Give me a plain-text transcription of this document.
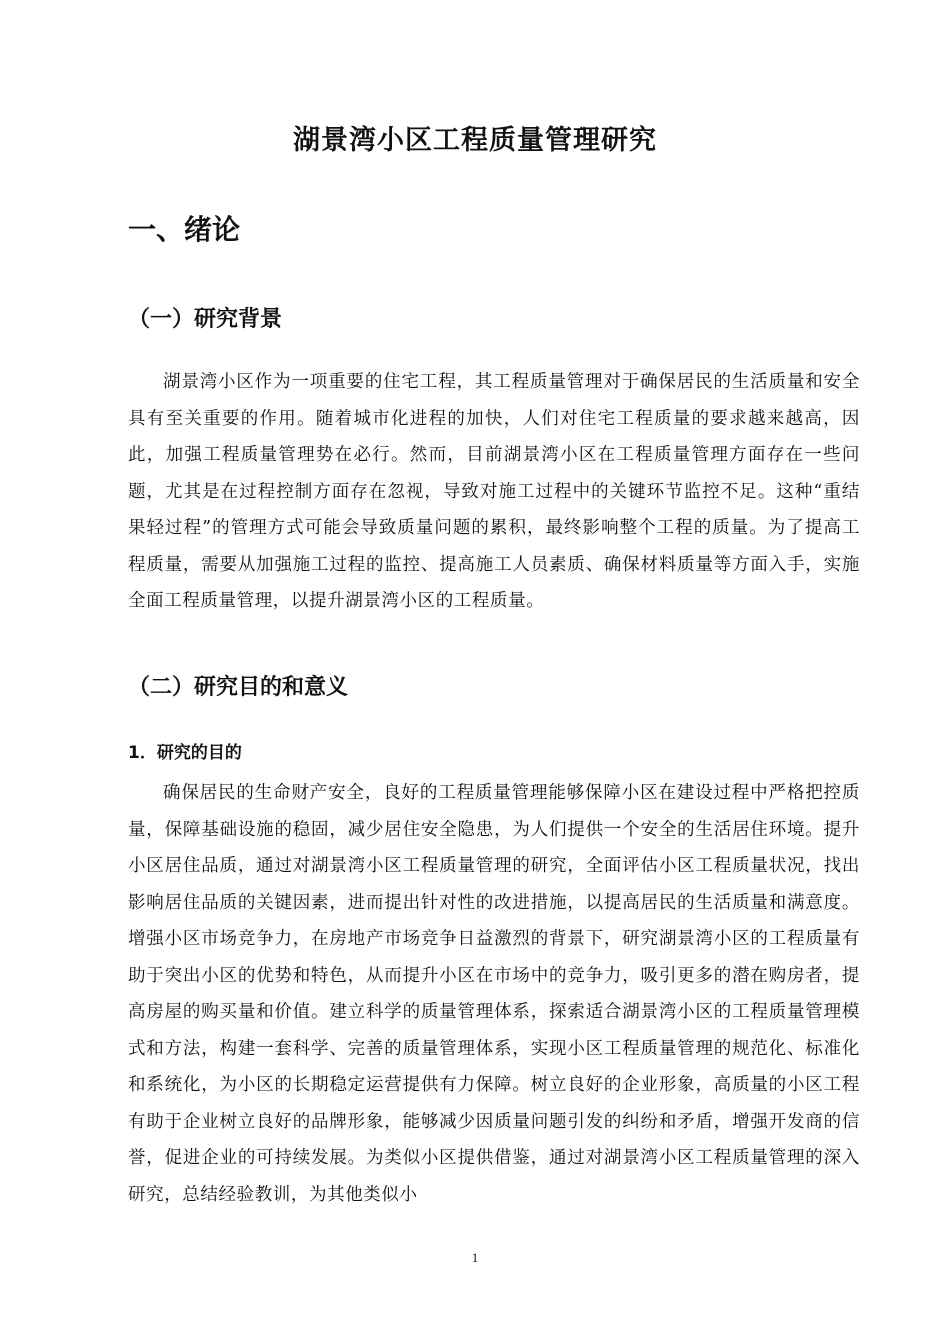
湖景湾小区工程质量管理研究
一、绪论
（一）研究背景

湖景湾小区作为一项重要的住宅工程，其工程质量管理对于确保居民的生活质量和安全具有至关重要的作用。随着城市化进程的加快，人们对住宅工程质量的要求越来越高，因此，加强工程质量管理势在必行。然而，目前湖景湾小区在工程质量管理方面存在一些问题，尤其是在过程控制方面存在忽视，导致对施工过程中的关键环节监控不足。这种“重结果轻过程”的管理方式可能会导致质量问题的累积，最终影响整个工程的质量。为了提高工程质量，需要从加强施工过程的监控、提高施工人员素质、确保材料质量等方面入手，实施全面工程质量管理，以提升湖景湾小区的工程质量。

（二）研究目的和意义
1．研究的目的

确保居民的生命财产安全，良好的工程质量管理能够保障小区在建设过程中严格把控质量，保障基础设施的稳固，减少居住安全隐患，为人们提供一个安全的生活居住环境。提升小区居住品质，通过对湖景湾小区工程质量管理的研究，全面评估小区工程质量状况，找出影响居住品质的关键因素，进而提出针对性的改进措施，以提高居民的生活质量和满意度。增强小区市场竞争力，在房地产市场竞争日益激烈的背景下，研究湖景湾小区的工程质量有助于突出小区的优势和特色，从而提升小区在市场中的竞争力，吸引更多的潜在购房者，提高房屋的购买量和价值。建立科学的质量管理体系，探索适合湖景湾小区的工程质量管理模式和方法，构建一套科学、完善的质量管理体系，实现小区工程质量管理的规范化、标准化和系统化，为小区的长期稳定运营提供有力保障。树立良好的企业形象，高质量的小区工程有助于企业树立良好的品牌形象，能够减少因质量问题引发的纠纷和矛盾，增强开发商的信誉，促进企业的可持续发展。为类似小区提供借鉴，通过对湖景湾小区工程质量管理的深入研究，总结经验教训，为其他类似小

1
